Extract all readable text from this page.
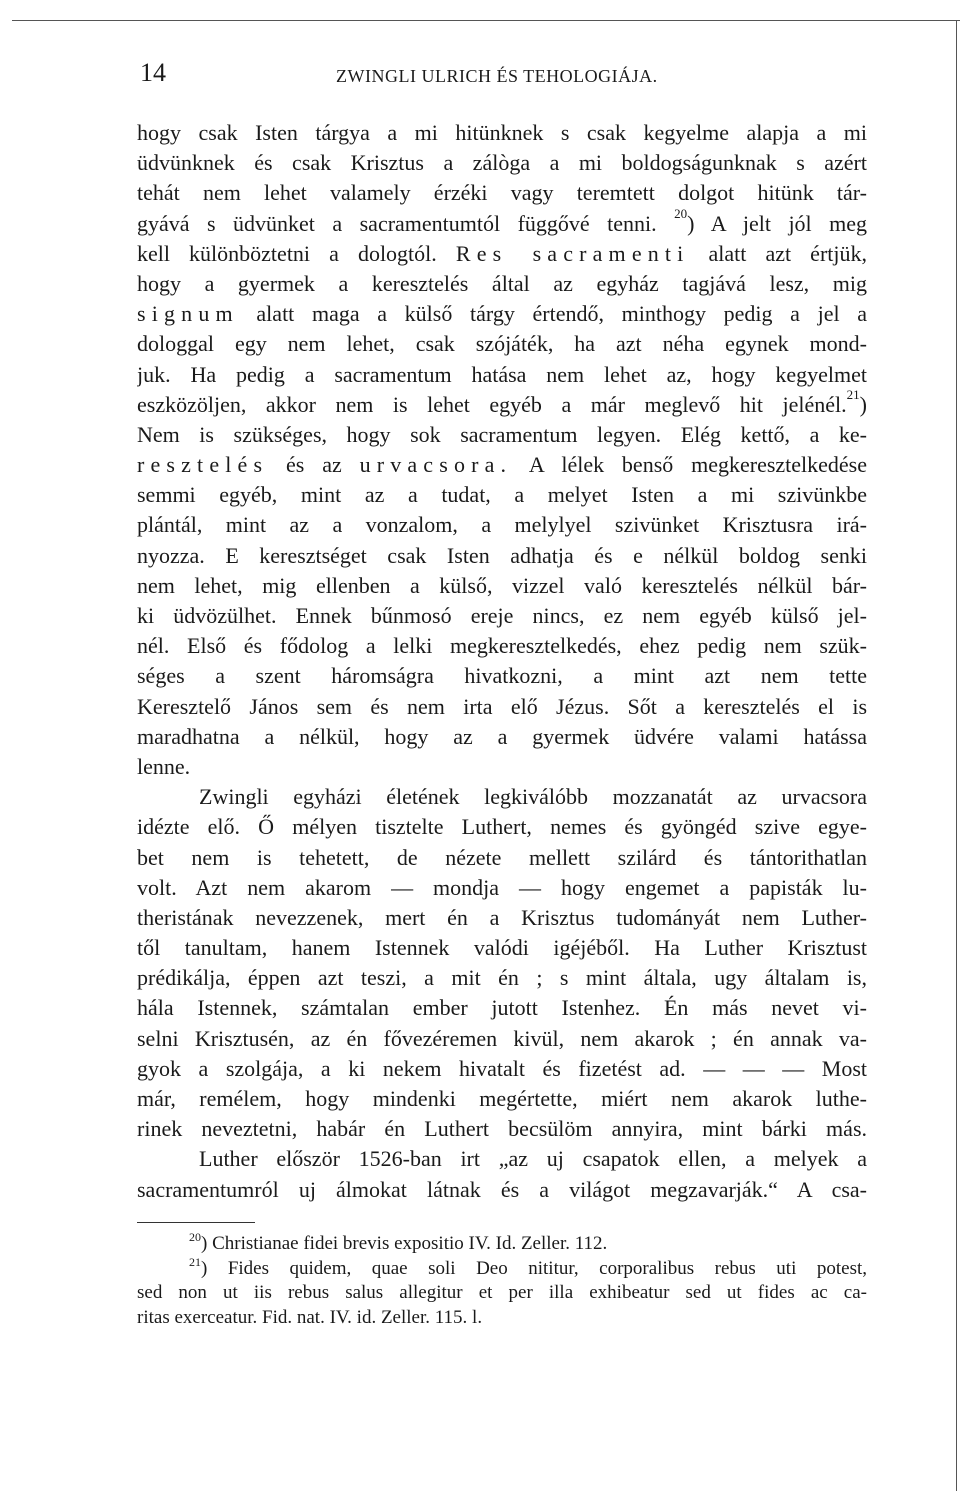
14	ZWINGLI ULRICH ÉS TEHOLOGIÁJA.
hogy csak Isten tárgya a mi hitünknek s csak kegyelme alapja a mi
üdvünknek és csak Krisztus a zálòga a mi boldogságunknak s azért
tehát nem lehet valamely érzéki vagy teremtett dolgot hitünk tár-
gyává s üdvünket a sacramentumtól függővé tenni. $^{20}$) A jelt jól meg
kell különböztetni a dologtól. Res sacramenti alatt azt értjük,
hogy a gyermek a keresztelés által az egyház tagjává lesz, mig
signum alatt maga a külső tárgy értendő, minthogy pedig a jel a
dologgal egy nem lehet, csak szójáték, ha azt néha egynek mond-
juk. Ha pedig a sacramentum hatása nem lehet az, hogy kegyelmet
eszközöljen, akkor nem is lehet egyéb a már meglevő hit jelénél.$^{21}$)
Nem is szükséges, hogy sok sacramentum legyen. Elég kettő, a ke-
resztelés és az urvacsora. A lélek benső megkeresztelkedése
semmi egyéb, mint az a tudat, a melyet Isten a mi szivünkbe
plántál, mint az a vonzalom, a melylyel szivünket Krisztusra irá-
nyozza. E keresztséget csak Isten adhatja és e nélkül boldog senki
nem lehet, mig ellenben a külső, vizzel való keresztelés nélkül bár-
ki üdvözülhet. Ennek bűnmosó ereje nincs, ez nem egyéb külső jel-
nél. Első és fődolog a lelki megkeresztelkedés, ehez pedig nem szük-
séges a szent háromságra hivatkozni, a mint azt nem tette
Keresztelő János sem és nem irta elő Jézus. Sőt a keresztelés el is
maradhatna a nélkül, hogy az a gyermek üdvére valami hatássa
lenne.
Zwingli egyházi életének legkiválóbb mozzanatát az urvacsora
idézte elő. Ő mélyen tisztelte Luthert, nemes és gyöngéd szive egye-
bet nem is tehetett, de nézete mellett szilárd és tántorithatlan
volt. Azt nem akarom — mondja — hogy engemet a papisták lu-
theristának nevezzenek, mert én a Krisztus tudományát nem Luther-
től tanultam, hanem Istennek valódi igéjéből. Ha Luther Krisztust
prédikálja, éppen azt teszi, a mit én ; s mint általa, ugy általam is,
hála Istennek, számtalan ember jutott Istenhez. Én más nevet vi-
selni Krisztusén, az én fővezéremen kivül, nem akarok ; én annak va-
gyok a szolgája, a ki nekem hivatalt és fizetést ad. — — — Most
már, remélem, hogy mindenki megértette, miért nem akarok luthe-
rinek neveztetni, habár én Luthert becsülöm annyira, mint bárki más.
Luther először 1526-ban irt „az uj csapatok ellen, a melyek a
sacramentumról uj álmokat látnak és a világot megzavarják.“ A csa-
$^{20}$) Christianae fidei brevis expositio IV. Id. Zeller. 112.
$^{21}$) Fides quidem, quae soli Deo nititur, corporalibus rebus uti potest,
sed non ut iis rebus salus allegitur et per illa exhibeatur sed ut fides ac ca-
ritas exerceatur. Fid. nat. IV. id. Zeller. 115. l.
